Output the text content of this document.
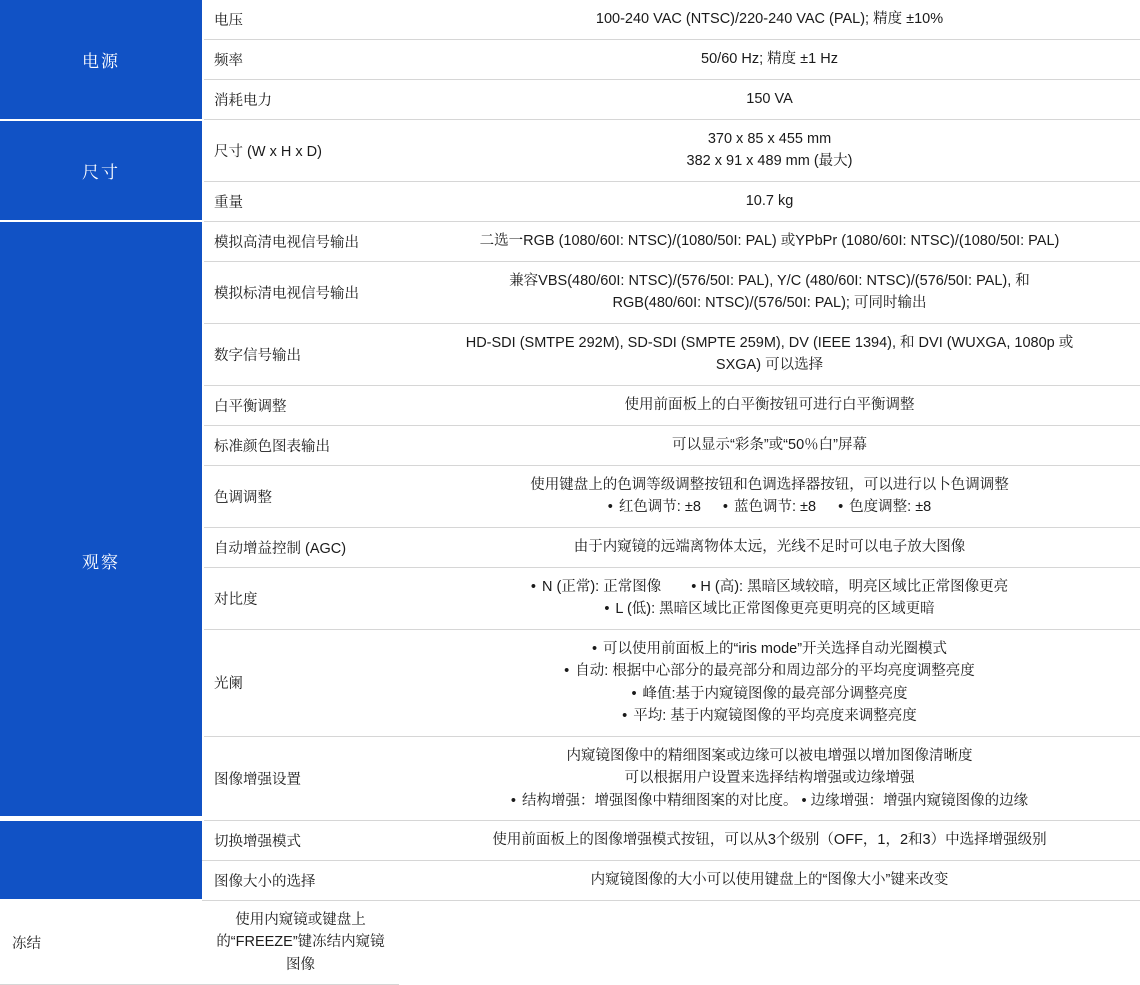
电源	电压	100-240 VAC (NTSC)/220-240 VAC (PAL); 精度 ±10%

	频率	50/60 Hz; 精度 ±1 Hz

	消耗电力	150 VA

尺寸	尺寸 (W x H x D)	370 x 85 x 455 mm
382 x 91 x 489 mm (最大)

	重量	10.7 kg

观察	模拟高清电视信号输出	二选一RGB (1080/60I: NTSC)/(1080/50I: PAL) 或YPbPr (1080/60I: NTSC)/(1080/50I: PAL)

	模拟标清电视信号输出	兼容VBS(480/60I: NTSC)/(576/50I: PAL), Y/C (480/60I: NTSC)/(576/50I: PAL), 和
RGB(480/60I: NTSC)/(576/50I: PAL); 可同时输出

	数字信号输出	HD-SDI (SMTPE 292M), SD-SDI (SMPTE 259M), DV (IEEE 1394), 和 DVI (WUXGA, 1080p 或
SXGA) 可以选择

	白平衡调整	使用前面板上的白平衡按钮可进行白平衡调整

	标准颜色图表输出	可以显示“彩条”或“50％白”屏幕

	色调调整	使用键盘上的色调等级调整按钮和色调选择器按钮，可以进行以卜色调调整
• 红色调节: ±8 • 蓝色调节: ±8 • 色度调整: ±8

	自动增益控制 (AGC)	由于内窥镜的远端离物体太远，光线不足时可以电子放大图像

	对比度	• N (正常): 正常图像  • H (高): 黑暗区域较暗，明亮区域比正常图像更亮
• L (低): 黑暗区域比正常图像更亮更明亮的区域更暗

	光阑	• 可以使用前面板上的“iris mode”开关选择自动光圈模式
• 自动: 根据中心部分的最亮部分和周边部分的平均亮度调整亮度
• 峰值:基于内窥镜图像的最亮部分调整亮度
• 平均: 基于内窥镜图像的平均亮度来调整亮度

	图像增强设置	内窥镜图像中的精细图案或边缘可以被电增强以增加图像清晰度
可以根据用户设置来选择结构增强或边缘增强
• 结构增强：增强图像中精细图案的对比度。 • 边缘增强：增强内窥镜图像的边缘

	切换增强模式	使用前面板上的图像增强模式按钮，可以从3个级别（OFF，1，2和3）中选择增强级别

	图像大小的选择	内窥镜图像的大小可以使用键盘上的“图像大小”键来改变

冻结	使用内窥镜或键盘上的“FREEZE”键冻结内窥镜图像	
